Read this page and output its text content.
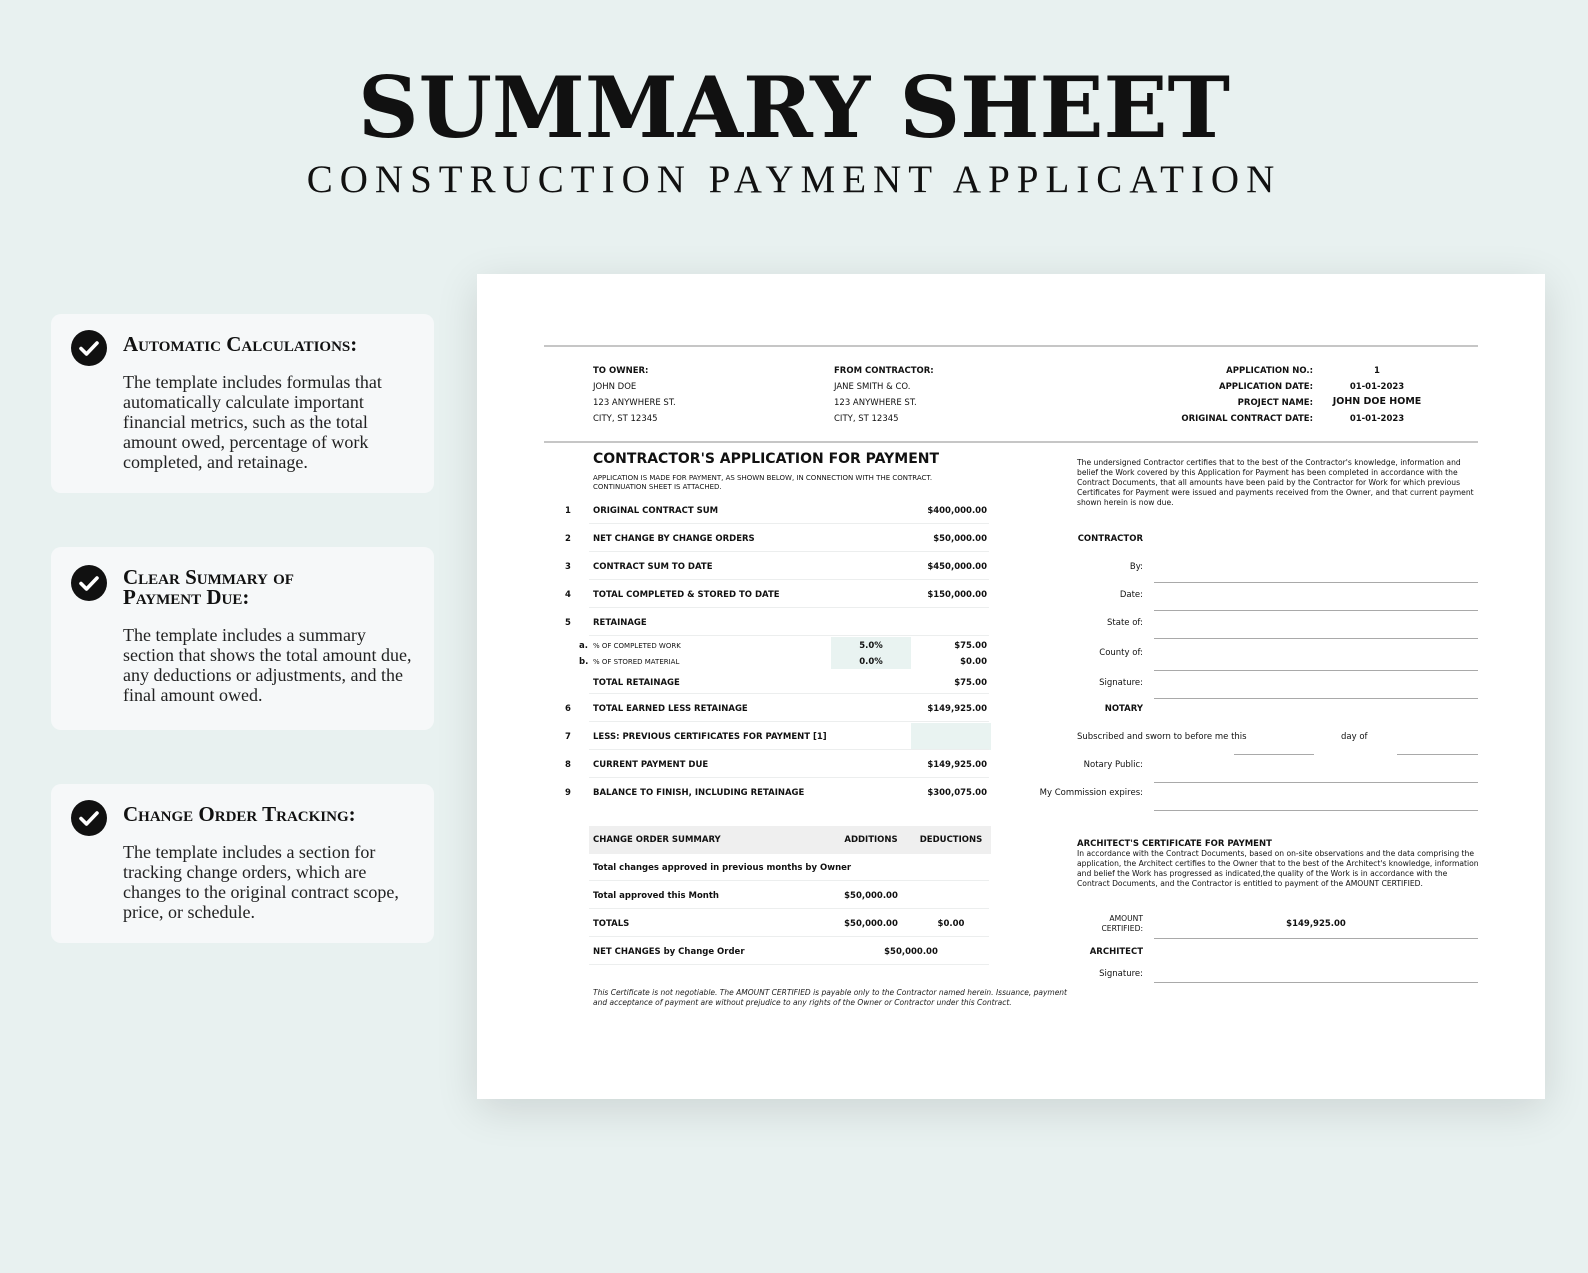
SUMMARY SHEET
CONSTRUCTION PAYMENT APPLICATION
Automatic Calculations:

The template includes formulas that automatically calculate important financial metrics, such as the total amount owed, percentage of work completed, and retainage.

Clear Summary of
Payment Due:

The template includes a summary section that shows the total amount due, any deductions or adjustments, and the final amount owed.

Change Order Tracking:

The template includes a section for tracking change orders, which are changes to the original contract scope, price, or schedule.

TO OWNER:
JOHN DOE
123 ANYWHERE ST.
CITY, ST 12345
FROM CONTRACTOR:
JANE SMITH & CO.
123 ANYWHERE ST.
CITY, ST 12345
APPLICATION NO.:	1
APPLICATION DATE:	01-01-2023
PROJECT NAME:	JOHN DOE HOME
ORIGINAL CONTRACT DATE:	01-01-2023
CONTRACTOR'S APPLICATION FOR PAYMENT
APPLICATION IS MADE FOR PAYMENT, AS SHOWN BELOW, IN CONNECTION WITH THE CONTRACT.
CONTINUATION SHEET IS ATTACHED.
1	ORIGINAL CONTRACT SUM	$400,000.00
2	NET CHANGE BY CHANGE ORDERS	$50,000.00
3	CONTRACT SUM TO DATE	$450,000.00
4	TOTAL COMPLETED & STORED TO DATE	$150,000.00
5	RETAINAGE
a. % OF COMPLETED WORK	5.0%	$75.00
b. % OF STORED MATERIAL	0.0%	$0.00
TOTAL RETAINAGE	$75.00
6	TOTAL EARNED LESS RETAINAGE	$149,925.00
7	LESS: PREVIOUS CERTIFICATES FOR PAYMENT [1]
8	CURRENT PAYMENT DUE	$149,925.00
9	BALANCE TO FINISH, INCLUDING RETAINAGE	$300,075.00
CHANGE ORDER SUMMARY	ADDITIONS	DEDUCTIONS
Total changes approved in previous months by Owner
Total approved this Month	$50,000.00
TOTALS	$50,000.00	$0.00
NET CHANGES by Change Order	$50,000.00
This Certificate is not negotiable. The AMOUNT CERTIFIED is payable only to the Contractor named herein. Issuance, payment
and acceptance of payment are without prejudice to any rights of the Owner or Contractor under this Contract.
The undersigned Contractor certifies that to the best of the Contractor's knowledge, information and belief the Work covered by this Application for Payment has been completed in accordance with the Contract Documents, that all amounts have been paid by the Contractor for Work for which previous Certificates for Payment were issued and payments received from the Owner, and that current payment shown herein is now due.
CONTRACTOR
By:
Date:
State of:
County of:
Signature:
NOTARY
Subscribed and sworn to before me this	day of
Notary Public:
My Commission expires:
ARCHITECT'S CERTIFICATE FOR PAYMENT
In accordance with the Contract Documents, based on on-site observations and the data comprising the application, the Architect certifies to the Owner that to the best of the Architect's knowledge, information and belief the Work has progressed as indicated,the quality of the Work is in accordance with the Contract Documents, and the Contractor is entitled to payment of the AMOUNT CERTIFIED.
AMOUNT
CERTIFIED:	$149,925.00
ARCHITECT
Signature:
